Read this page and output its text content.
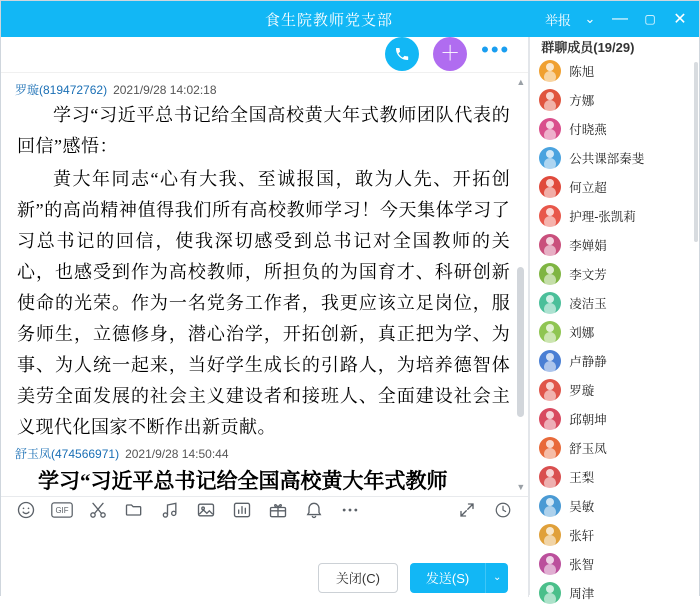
食生院教师党支部	举报	⌄	—	▢	✕
＋ •••
罗璇(819472762) 2021/9/28 14:02:18
学习“习近平总书记给全国高校黄大年式教师团队代表的回信”感悟：
黄大年同志“心有大我、至诚报国，敢为人先、开拓创新”的高尚精神值得我们所有高校教师学习！今天集体学习了习总书记的回信，使我深切感受到总书记对全国教师的关心，也感受到作为高校教师，所担负的为国育才、科研创新使命的光荣。作为一名党务工作者，我更应该立足岗位，服务师生，立德修身，潜心治学，开拓创新，真正把为学、为事、为人统一起来，当好学生成长的引路人，为培养德智体美劳全面发展的社会主义建设者和接班人、全面建设社会主义现代化国家不断作出新贡献。
舒玉凤(474566971) 2021/9/28 14:50:44
学习“习近平总书记给全国高校黄大年式教师
▲
▼
GIF
关闭(C)	发送(S)	⌄
群聊成员(19/29)
陈旭
方娜
付晓燕
公共课部秦斐
何立超
护理-张凯莉
李婵娟
李文芳
凌洁玉
刘娜
卢静静
罗璇
邱朝坤
舒玉凤
王梨
吴敏
张轩
张智
周津
